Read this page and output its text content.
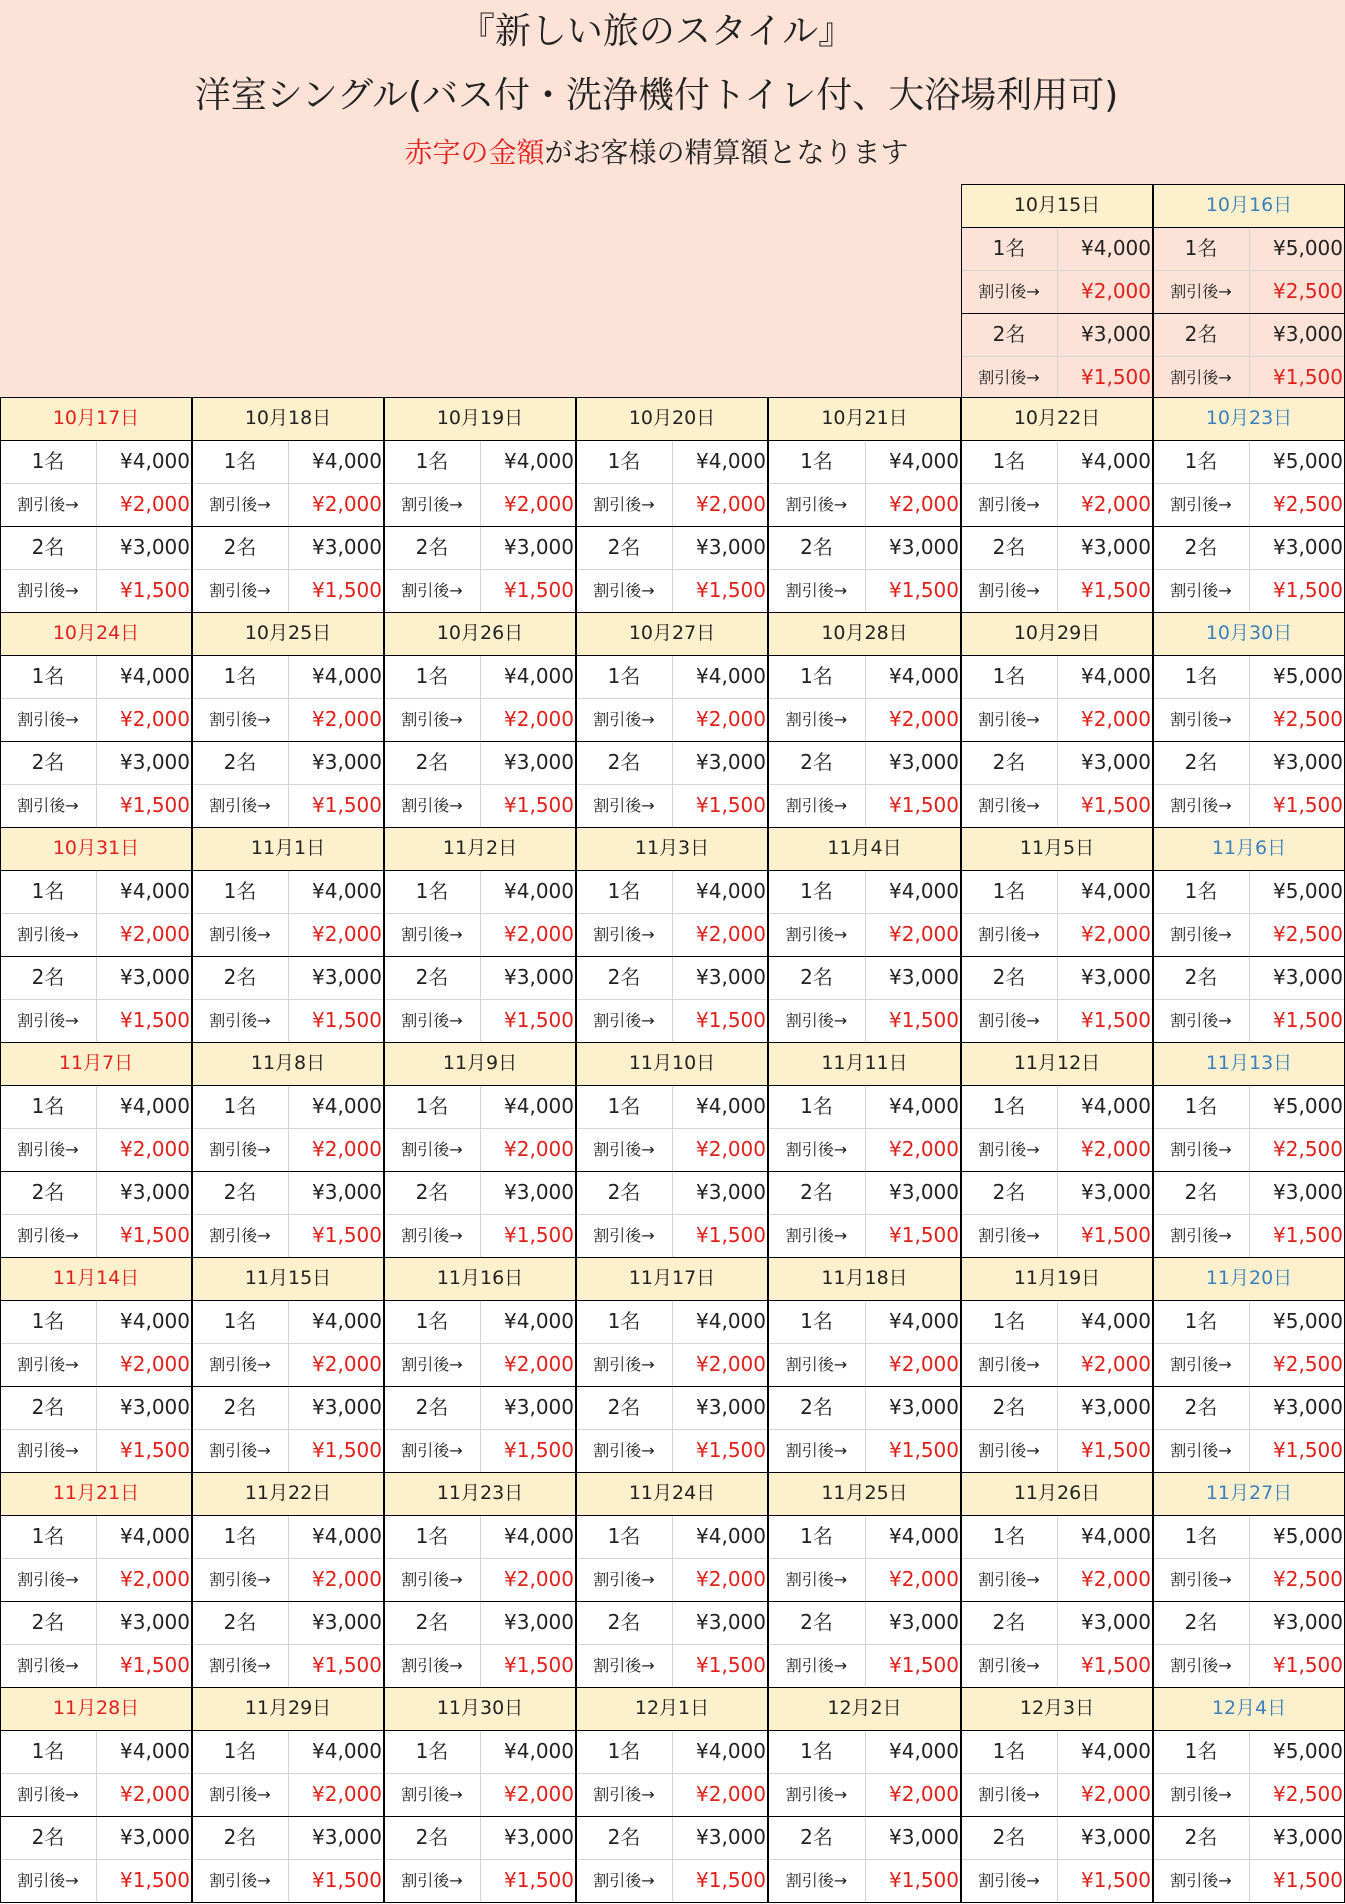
『新しい旅のスタイル』
洋室シングル(バス付・洗浄機付トイレ付、大浴場利用可)
赤字の金額がお客様の精算額となります
10月15日
1名	¥4,000
割引後→	¥2,000
2名	¥3,000
割引後→	¥1,500
10月16日
1名	¥5,000
割引後→	¥2,500
2名	¥3,000
割引後→	¥1,500
10月17日
1名	¥4,000
割引後→	¥2,000
2名	¥3,000
割引後→	¥1,500
10月18日
1名	¥4,000
割引後→	¥2,000
2名	¥3,000
割引後→	¥1,500
10月19日
1名	¥4,000
割引後→	¥2,000
2名	¥3,000
割引後→	¥1,500
10月20日
1名	¥4,000
割引後→	¥2,000
2名	¥3,000
割引後→	¥1,500
10月21日
1名	¥4,000
割引後→	¥2,000
2名	¥3,000
割引後→	¥1,500
10月22日
1名	¥4,000
割引後→	¥2,000
2名	¥3,000
割引後→	¥1,500
10月23日
1名	¥5,000
割引後→	¥2,500
2名	¥3,000
割引後→	¥1,500
10月24日
1名	¥4,000
割引後→	¥2,000
2名	¥3,000
割引後→	¥1,500
10月25日
1名	¥4,000
割引後→	¥2,000
2名	¥3,000
割引後→	¥1,500
10月26日
1名	¥4,000
割引後→	¥2,000
2名	¥3,000
割引後→	¥1,500
10月27日
1名	¥4,000
割引後→	¥2,000
2名	¥3,000
割引後→	¥1,500
10月28日
1名	¥4,000
割引後→	¥2,000
2名	¥3,000
割引後→	¥1,500
10月29日
1名	¥4,000
割引後→	¥2,000
2名	¥3,000
割引後→	¥1,500
10月30日
1名	¥5,000
割引後→	¥2,500
2名	¥3,000
割引後→	¥1,500
10月31日
1名	¥4,000
割引後→	¥2,000
2名	¥3,000
割引後→	¥1,500
11月1日
1名	¥4,000
割引後→	¥2,000
2名	¥3,000
割引後→	¥1,500
11月2日
1名	¥4,000
割引後→	¥2,000
2名	¥3,000
割引後→	¥1,500
11月3日
1名	¥4,000
割引後→	¥2,000
2名	¥3,000
割引後→	¥1,500
11月4日
1名	¥4,000
割引後→	¥2,000
2名	¥3,000
割引後→	¥1,500
11月5日
1名	¥4,000
割引後→	¥2,000
2名	¥3,000
割引後→	¥1,500
11月6日
1名	¥5,000
割引後→	¥2,500
2名	¥3,000
割引後→	¥1,500
11月7日
1名	¥4,000
割引後→	¥2,000
2名	¥3,000
割引後→	¥1,500
11月8日
1名	¥4,000
割引後→	¥2,000
2名	¥3,000
割引後→	¥1,500
11月9日
1名	¥4,000
割引後→	¥2,000
2名	¥3,000
割引後→	¥1,500
11月10日
1名	¥4,000
割引後→	¥2,000
2名	¥3,000
割引後→	¥1,500
11月11日
1名	¥4,000
割引後→	¥2,000
2名	¥3,000
割引後→	¥1,500
11月12日
1名	¥4,000
割引後→	¥2,000
2名	¥3,000
割引後→	¥1,500
11月13日
1名	¥5,000
割引後→	¥2,500
2名	¥3,000
割引後→	¥1,500
11月14日
1名	¥4,000
割引後→	¥2,000
2名	¥3,000
割引後→	¥1,500
11月15日
1名	¥4,000
割引後→	¥2,000
2名	¥3,000
割引後→	¥1,500
11月16日
1名	¥4,000
割引後→	¥2,000
2名	¥3,000
割引後→	¥1,500
11月17日
1名	¥4,000
割引後→	¥2,000
2名	¥3,000
割引後→	¥1,500
11月18日
1名	¥4,000
割引後→	¥2,000
2名	¥3,000
割引後→	¥1,500
11月19日
1名	¥4,000
割引後→	¥2,000
2名	¥3,000
割引後→	¥1,500
11月20日
1名	¥5,000
割引後→	¥2,500
2名	¥3,000
割引後→	¥1,500
11月21日
1名	¥4,000
割引後→	¥2,000
2名	¥3,000
割引後→	¥1,500
11月22日
1名	¥4,000
割引後→	¥2,000
2名	¥3,000
割引後→	¥1,500
11月23日
1名	¥4,000
割引後→	¥2,000
2名	¥3,000
割引後→	¥1,500
11月24日
1名	¥4,000
割引後→	¥2,000
2名	¥3,000
割引後→	¥1,500
11月25日
1名	¥4,000
割引後→	¥2,000
2名	¥3,000
割引後→	¥1,500
11月26日
1名	¥4,000
割引後→	¥2,000
2名	¥3,000
割引後→	¥1,500
11月27日
1名	¥5,000
割引後→	¥2,500
2名	¥3,000
割引後→	¥1,500
11月28日
1名	¥4,000
割引後→	¥2,000
2名	¥3,000
割引後→	¥1,500
11月29日
1名	¥4,000
割引後→	¥2,000
2名	¥3,000
割引後→	¥1,500
11月30日
1名	¥4,000
割引後→	¥2,000
2名	¥3,000
割引後→	¥1,500
12月1日
1名	¥4,000
割引後→	¥2,000
2名	¥3,000
割引後→	¥1,500
12月2日
1名	¥4,000
割引後→	¥2,000
2名	¥3,000
割引後→	¥1,500
12月3日
1名	¥4,000
割引後→	¥2,000
2名	¥3,000
割引後→	¥1,500
12月4日
1名	¥5,000
割引後→	¥2,500
2名	¥3,000
割引後→	¥1,500
